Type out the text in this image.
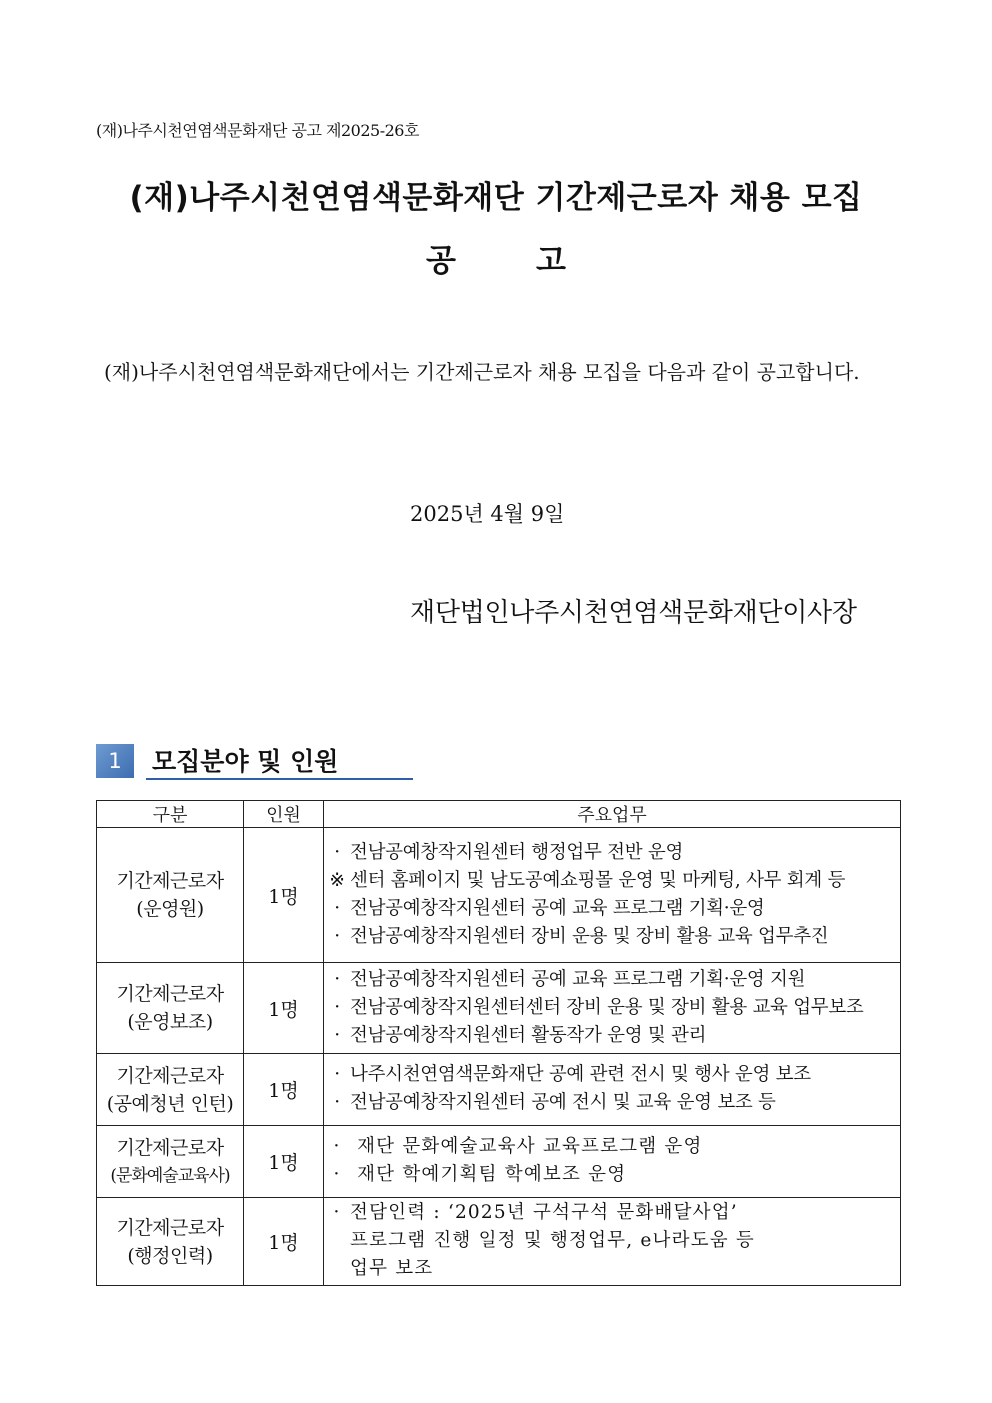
(재)나주시천연염색문화재단 공고 제2025-26호
(재)나주시천연염색문화재단 기간제근로자 채용 모집
공고
(재)나주시천연염색문화재단에서는 기간제근로자 채용 모집을 다음과 같이 공고합니다.
2025년 4월 9일
재단법인나주시천연염색문화재단이사장
1	모집분야 및 인원
구분	인원	주요업무

기간제근로자
(운영원)	1명	· 전남공예창작지원센터 행정업무 전반 운영
※ 센터 홈페이지 및 남도공예쇼핑몰 운영 및 마케팅, 사무 회계 등
· 전남공예창작지원센터 공예 교육 프로그램 기획·운영
· 전남공예창작지원센터 장비 운용 및 장비 활용 교육 업무추진

기간제근로자
(운영보조)	1명	· 전남공예창작지원센터 공예 교육 프로그램 기획·운영 지원
· 전남공예창작지원센터센터 장비 운용 및 장비 활용 교육 업무보조
· 전남공예창작지원센터 활동작가 운영 및 관리

기간제근로자
(공예청년 인턴)	1명	· 나주시천연염색문화재단 공예 관련 전시 및 행사 운영 보조
· 전남공예창작지원센터 공예 전시 및 교육 운영 보조 등

기간제근로자
(문화예술교육사)	1명	· 재단 문화예술교육사 교육프로그램 운영
· 재단 학예기획팀 학예보조 운영

기간제근로자
(행정인력)	1명	· 전담인력 : ‘2025년 구석구석 문화배달사업’
프로그램 진행 일정 및 행정업무, e나라도움 등
업무 보조
